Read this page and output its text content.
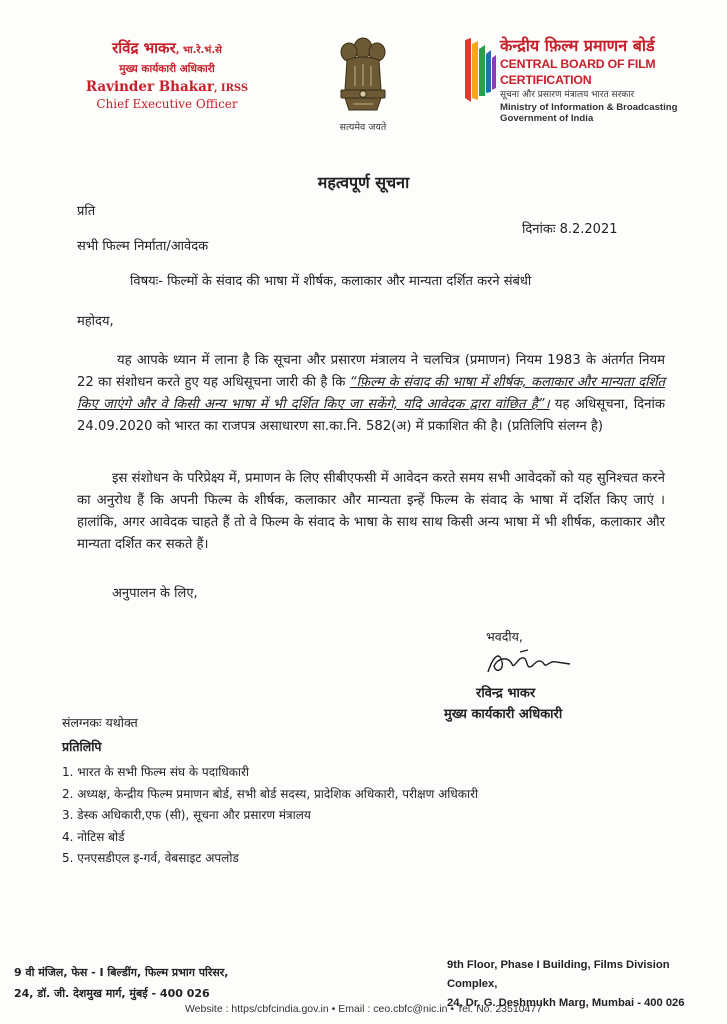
रविंद्र भाकर, भा.रे.भं.से
मुख्य कार्यकारी अधिकारी
Ravinder Bhakar, IRSS
Chief Executive Officer
सत्यमेव जयते
केन्द्रीय फ़िल्म प्रमाणन बोर्ड
CENTRAL BOARD OF FILM CERTIFICATION
सूचना और प्रसारण मंत्रालय भारत सरकार
Ministry of Information & Broadcasting
Government of India
महत्वपूर्ण सूचना
प्रति
दिनांकः 8.2.2021
सभी फिल्म निर्माता/आवेदक
विषयः- फिल्मों के संवाद की भाषा में शीर्षक, कलाकार और मान्यता दर्शित करने संबंधी
महोदय,

यह आपके ध्यान में लाना है कि सूचना और प्रसारण मंत्रालय ने चलचित्र (प्रमाणन) नियम 1983 के अंतर्गत नियम 22 का संशोधन करते हुए यह अधिसूचना जारी की है कि “फ़िल्म के संवाद की भाषा में शीर्षक, कलाकार और मान्यता दर्शित किए जाएंगे और वे किसी अन्य भाषा में भी दर्शित किए जा सकेंगे, यदि आवेदक द्वारा वांछित है”। यह अधिसूचना, दिनांक 24.09.2020 को भारत का राजपत्र असाधारण सा.का.नि. 582(अ) में प्रकाशित की है। (प्रतिलिपि संलग्न है)

इस संशोधन के परिप्रेक्ष्य में, प्रमाणन के लिए सीबीएफसी में आवेदन करते समय सभी आवेदकों को यह सुनिश्चत करने का अनुरोध हैं कि अपनी फिल्म के शीर्षक, कलाकार और मान्यता इन्हें फिल्म के संवाद के भाषा में दर्शित किए जाएं । हालांकि, अगर आवेदक चाहते हैं तो वे फिल्म के संवाद के भाषा के साथ साथ किसी अन्य भाषा में भी शीर्षक, कलाकार और मान्यता दर्शित कर सकते हैं।

अनुपालन के लिए,
भवदीय,
रविन्द्र भाकर
मुख्य कार्यकारी अधिकारी
संलग्नकः यथोक्त
प्रतिलिपि
1. भारत के सभी फिल्म संघ के पदाधिकारी
2. अध्यक्ष, केन्द्रीय फिल्म प्रमाणन बोर्ड, सभी बोर्ड सदस्य, प्रादेशिक अधिकारी, परीक्षण अधिकारी
3. डेस्क अधिकारी,एफ (सी), सूचना और प्रसारण मंत्रालय
4. नोटिस बोर्ड
5. एनएसडीएल इ-गर्व, वेबसाइट अपलोड
9 वी मंजिल, फेस - I बिल्डींग, फिल्म प्रभाग परिसर,
24, डॉ. जी. देशमुख मार्ग, मुंबई - 400 026
9th Floor, Phase I Building, Films Division Complex,
24, Dr. G. Deshmukh Marg, Mumbai - 400 026
Website : https/cbfcindia.gov.in • Email : ceo.cbfc@nic.in • Tel. No. 23510477
